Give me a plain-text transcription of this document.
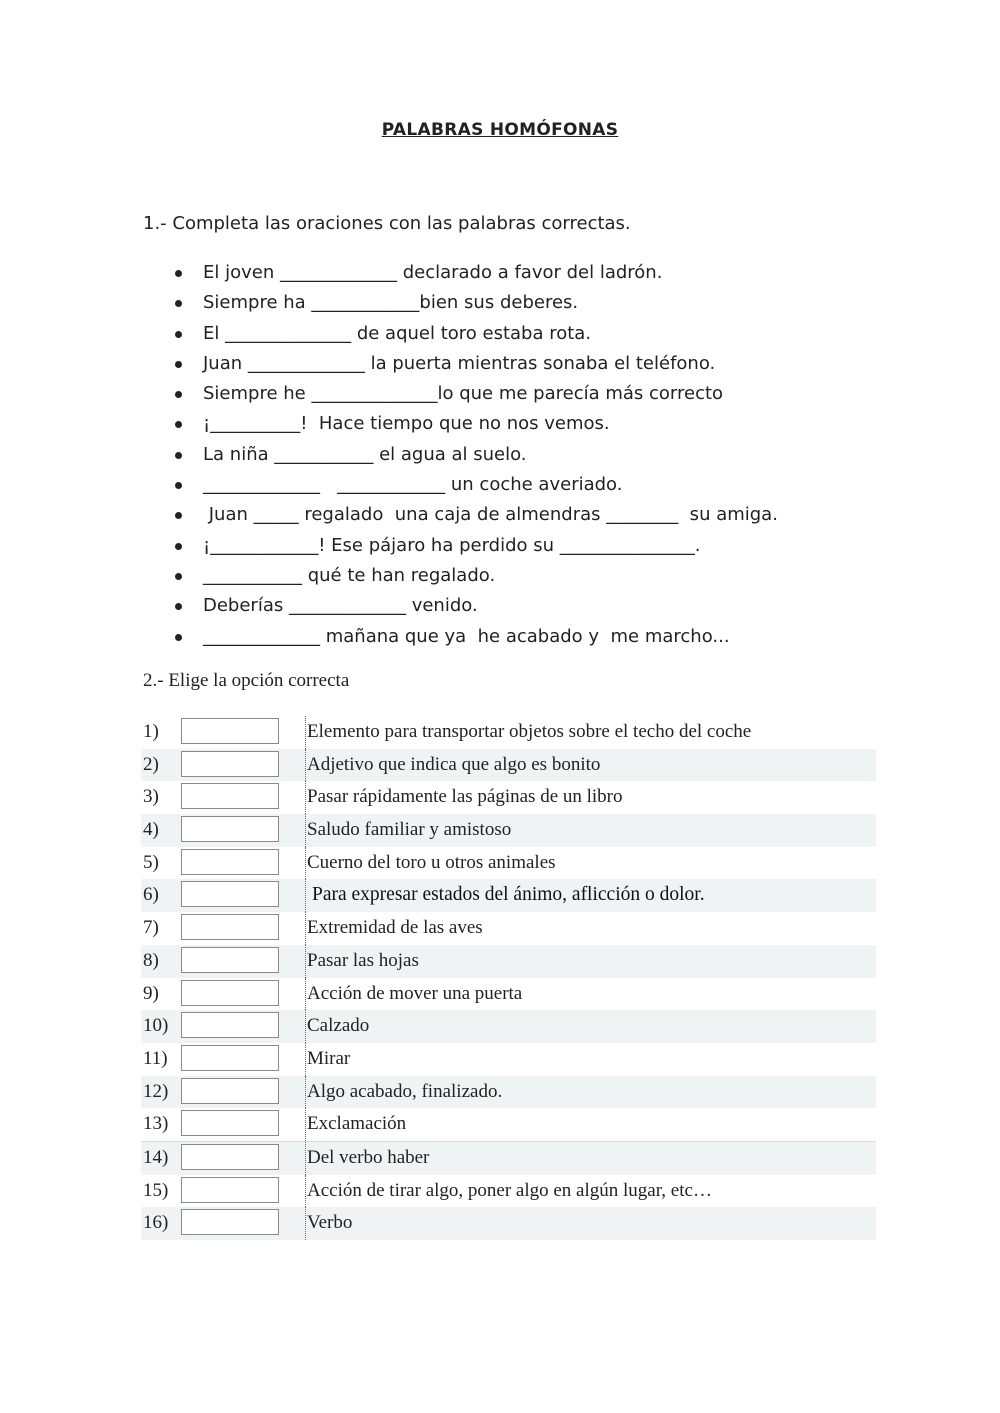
PALABRAS HOMÓFONAS
1.- Completa las oraciones con las palabras correctas.
El joven _____________ declarado a favor del ladrón.
Siempre ha ____________bien sus deberes.
El ______________ de aquel toro estaba rota.
Juan _____________ la puerta mientras sonaba el teléfono.
Siempre he ______________lo que me parecía más correcto
¡__________!  Hace tiempo que no nos vemos.
La niña ___________ el agua al suelo.
_____________   ____________ un coche averiado.
Juan _____ regalado  una caja de almendras ________  su amiga.
¡____________! Ese pájaro ha perdido su _______________.
___________ qué te han regalado.
Deberías _____________ venido.
_____________ mañana que ya  he acabado y  me marcho...
2.- Elige la opción correcta
1)	Elemento para transportar objetos sobre el techo del coche
2)	Adjetivo que indica que algo es bonito
3)	Pasar rápidamente las páginas de un libro
4)	Saludo familiar y amistoso
5)	Cuerno del toro u otros animales
6)	Para expresar estados del ánimo, aflicción o dolor.
7)	Extremidad de las aves
8)	Pasar las hojas
9)	Acción de mover una puerta
10)	Calzado
11)	Mirar
12)	Algo acabado, finalizado.
13)	Exclamación
14)	Del verbo haber
15)	Acción de tirar algo, poner algo en algún lugar, etc…
16)	Verbo
